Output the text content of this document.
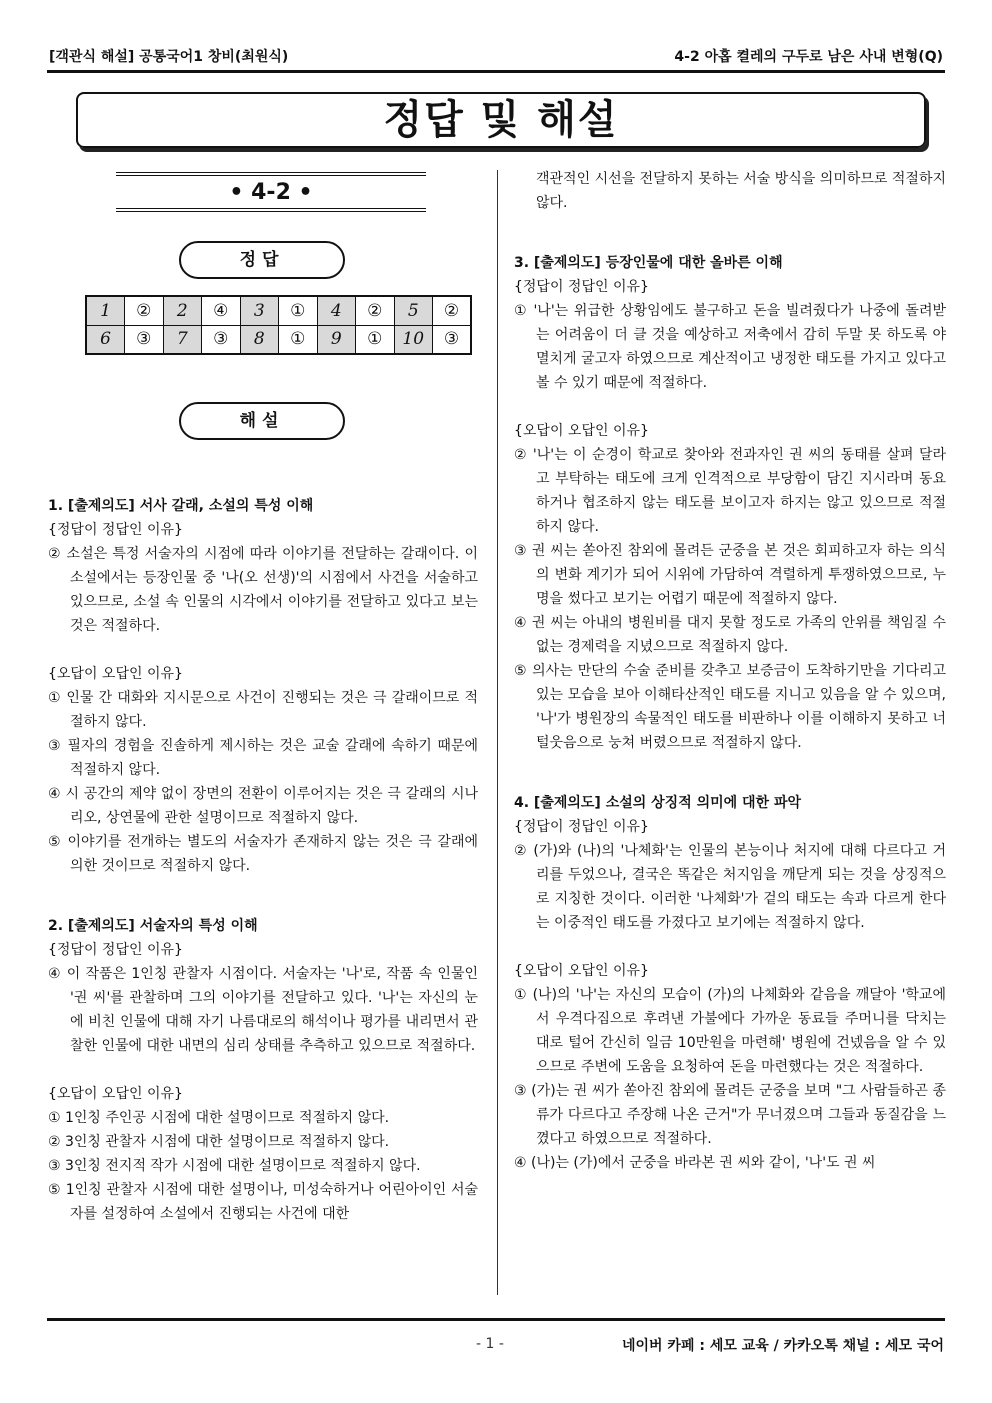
[객관식 해설] 공통국어1 창비(최원식)	4-2 아홉 켤레의 구두로 남은 사내 변형(Q)
정답 및 해설
• 4-2 •
정답
1	②	2	④	3	①	4	②	5	②
6	③	7	③	8	①	9	①	10	③
해설

1. [출제의도] 서사 갈래, 소설의 특성 이해

{정답이 정답인 이유}

② 소설은 특정 서술자의 시점에 따라 이야기를 전달하는 갈래이다. 이 소설에서는 등장인물 중 '나(오 선생)'의 시점에서 사건을 서술하고 있으므로, 소설 속 인물의 시각에서 이야기를 전달하고 있다고 보는 것은 적절하다.

{오답이 오답인 이유}

① 인물 간 대화와 지시문으로 사건이 진행되는 것은 극 갈래이므로 적절하지 않다.

③ 필자의 경험을 진솔하게 제시하는 것은 교술 갈래에 속하기 때문에 적절하지 않다.

④ 시 공간의 제약 없이 장면의 전환이 이루어지는 것은 극 갈래의 시나리오, 상연물에 관한 설명이므로 적절하지 않다.

⑤ 이야기를 전개하는 별도의 서술자가 존재하지 않는 것은 극 갈래에 의한 것이므로 적절하지 않다.

2. [출제의도] 서술자의 특성 이해

{정답이 정답인 이유}

④ 이 작품은 1인칭 관찰자 시점이다. 서술자는 '나'로, 작품 속 인물인 '권 씨'를 관찰하며 그의 이야기를 전달하고 있다. '나'는 자신의 눈에 비친 인물에 대해 자기 나름대로의 해석이나 평가를 내리면서 관찰한 인물에 대한 내면의 심리 상태를 추측하고 있으므로 적절하다.

{오답이 오답인 이유}

① 1인칭 주인공 시점에 대한 설명이므로 적절하지 않다.

② 3인칭 관찰자 시점에 대한 설명이므로 적절하지 않다.

③ 3인칭 전지적 작가 시점에 대한 설명이므로 적절하지 않다.

⑤ 1인칭 관찰자 시점에 대한 설명이나, 미성숙하거나 어린아이인 서술자를 설정하여 소설에서 진행되는 사건에 대한

객관적인 시선을 전달하지 못하는 서술 방식을 의미하므로 적절하지 않다.

3. [출제의도] 등장인물에 대한 올바른 이해

{정답이 정답인 이유}

① '나'는 위급한 상황임에도 불구하고 돈을 빌려줬다가 나중에 돌려받는 어려움이 더 클 것을 예상하고 저축에서 감히 두말 못 하도록 야멸치게 굴고자 하였으므로 계산적이고 냉정한 태도를 가지고 있다고 볼 수 있기 때문에 적절하다.

{오답이 오답인 이유}

② '나'는 이 순경이 학교로 찾아와 전과자인 권 씨의 동태를 살펴 달라고 부탁하는 태도에 크게 인격적으로 부당함이 담긴 지시라며 동요하거나 협조하지 않는 태도를 보이고자 하지는 않고 있으므로 적절하지 않다.

③ 권 씨는 쏟아진 참외에 몰려든 군중을 본 것은 회피하고자 하는 의식의 변화 계기가 되어 시위에 가담하여 격렬하게 투쟁하였으므로, 누명을 썼다고 보기는 어렵기 때문에 적절하지 않다.

④ 권 씨는 아내의 병원비를 대지 못할 정도로 가족의 안위를 책임질 수 없는 경제력을 지녔으므로 적절하지 않다.

⑤ 의사는 만단의 수술 준비를 갖추고 보증금이 도착하기만을 기다리고 있는 모습을 보아 이해타산적인 태도를 지니고 있음을 알 수 있으며, '나'가 병원장의 속물적인 태도를 비판하나 이를 이해하지 못하고 너털웃음으로 눙쳐 버렸으므로 적절하지 않다.

4. [출제의도] 소설의 상징적 의미에 대한 파악

{정답이 정답인 이유}

② (가)와 (나)의 '나체화'는 인물의 본능이나 처지에 대해 다르다고 거리를 두었으나, 결국은 똑같은 처지임을 깨닫게 되는 것을 상징적으로 지칭한 것이다. 이러한 '나체화'가 겉의 태도는 속과 다르게 한다는 이중적인 태도를 가졌다고 보기에는 적절하지 않다.

{오답이 오답인 이유}

① (나)의 '나'는 자신의 모습이 (가)의 나체화와 같음을 깨달아 '학교에서 우격다짐으로 후려낸 가불에다 가까운 동료들 주머니를 닥치는 대로 털어 간신히 일금 10만원을 마련해' 병원에 건넸음을 알 수 있으므로 주변에 도움을 요청하여 돈을 마련했다는 것은 적절하다.

③ (가)는 권 씨가 쏟아진 참외에 몰려든 군중을 보며 "그 사람들하곤 종류가 다르다고 주장해 나온 근거"가 무너졌으며 그들과 동질감을 느꼈다고 하였으므로 적절하다.

④ (나)는 (가)에서 군중을 바라본 권 씨와 같이, '나'도 권 씨

- 1 -	네이버 카페 : 세모 교육 / 카카오톡 채널 : 세모 국어
